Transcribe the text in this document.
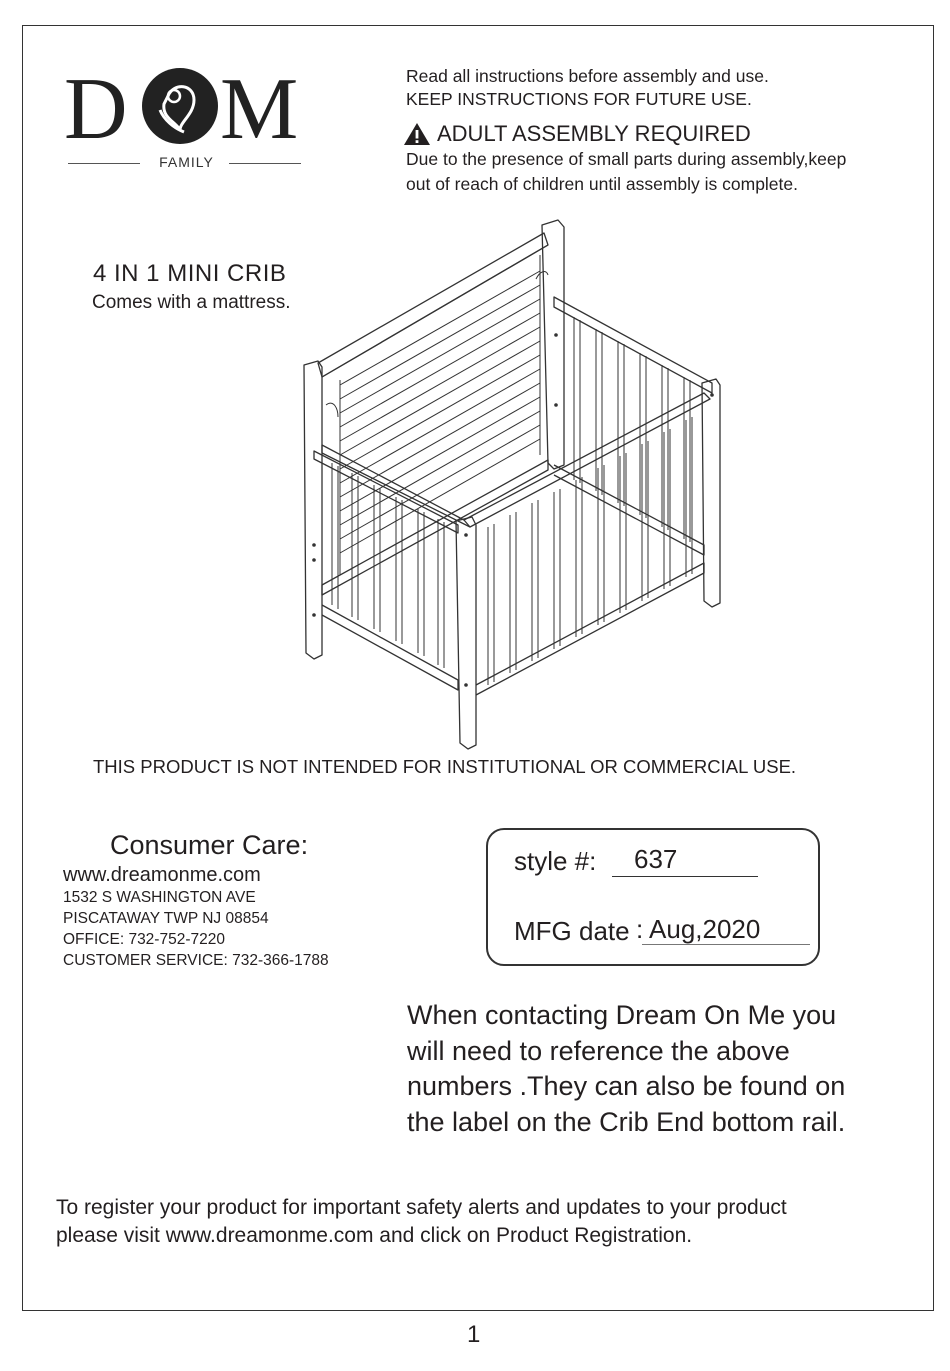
D M
FAMILY
Read all instructions before assembly and use.
KEEP INSTRUCTIONS FOR FUTURE USE.
ADULT ASSEMBLY REQUIRED
Due to the presence of small parts during assembly,keep
out of reach of children until assembly is complete.
4 IN 1 MINI CRIB
Comes with a mattress.
THIS PRODUCT IS NOT INTENDED FOR INSTITUTIONAL OR COMMERCIAL USE.
Consumer Care:
www.dreamonme.com
1532 S WASHINGTON AVE
PISCATAWAY TWP NJ 08854
OFFICE: 732-752-7220
CUSTOMER SERVICE: 732-366-1788
style #: 637
MFG date : Aug,2020
When contacting Dream On Me you
will need to reference the above
numbers .They can also be found on
the label on the Crib End bottom rail.
To register your product for important safety alerts and updates to your product
please visit www.dreamonme.com and click on Product Registration.
1
